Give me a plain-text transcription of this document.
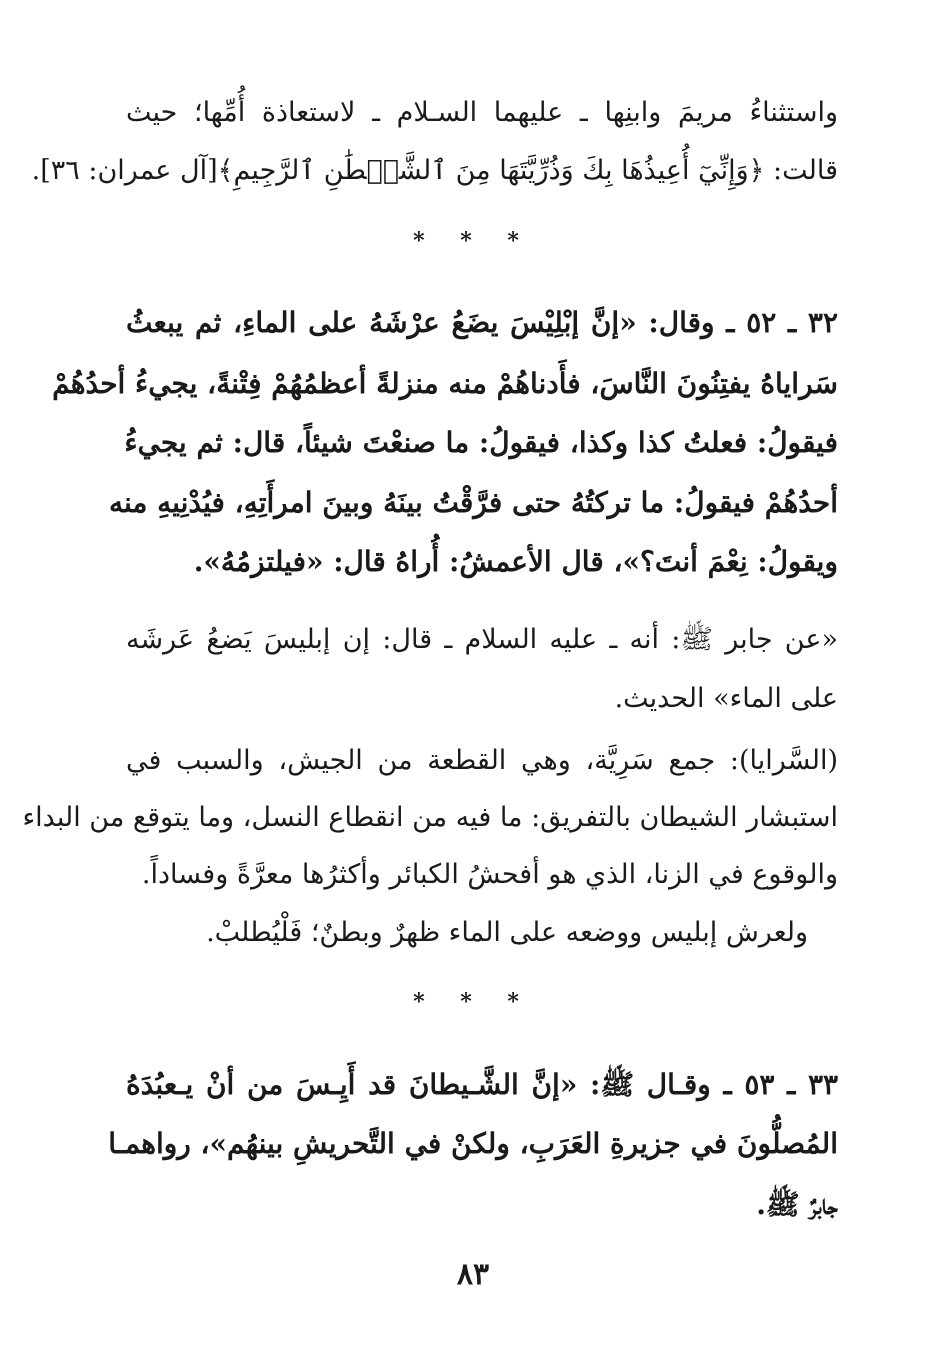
واستثناءُ مريمَ وابنِها ـ عليهما السـلام ـ لاستعاذة أُمِّها؛ حيث
قالت: ﴿وَإِنِّيٓ أُعِيذُهَا بِكَ وَذُرِّيَّتَهَا مِنَ ٱلشَّيۡطَٰنِ ٱلرَّجِيمِ﴾[آل عمران: ٣٦].
* * *
٣٢ ـ ٥٢ ـ وقال: «إنَّ إبْلِيْسَ يضَعُ عرْشَهُ على الماءِ، ثم يبعثُ
سَراياهُ يفتِنُونَ النَّاسَ، فأَدناهُمْ منه منزلةً أعظمُهُمْ فِتْنةً، يجيءُ أحدُهُمْ
فيقولُ: فعلتُ كذا وكذا، فيقولُ: ما صنعْتَ شيئاً، قال: ثم يجيءُ
أحدُهُمْ فيقولُ: ما تركتُهُ حتى فرَّقْتُ بينَهُ وبينَ امرأَتِهِ، فيُدْنِيهِ منه
ويقولُ: نِعْمَ أنتَ؟»، قال الأعمشُ: أُراهُ قال: «فيلتزمُهُ».
«عن جابر ﷺ: أنه ـ عليه السلام ـ قال: إن إبليسَ يَضعُ عَرشَه
على الماء» الحديث.
(السَّرايا): جمع سَرِيَّة، وهي القطعة من الجيش، والسبب في
استبشار الشيطان بالتفريق: ما فيه من انقطاع النسل، وما يتوقع من البداء
والوقوع في الزنا، الذي هو أفحشُ الكبائر وأكثرُها معرَّةً وفساداً.
ولعرش إبليس ووضعه على الماء ظهرٌ وبطنٌ؛ فَلْيُطلبْ.
* * *
٣٣ ـ ٥٣ ـ وقـال ﷺ: «إنَّ الشَّـيطانَ قد أَيِـسَ من أنْ يـعبُدَهُ
المُصلُّونَ في جزيرةِ العَرَبِ، ولكنْ في التَّحريشِ بينهُم»، رواهمـا
جابرٌ ﷺ.
٨٣
